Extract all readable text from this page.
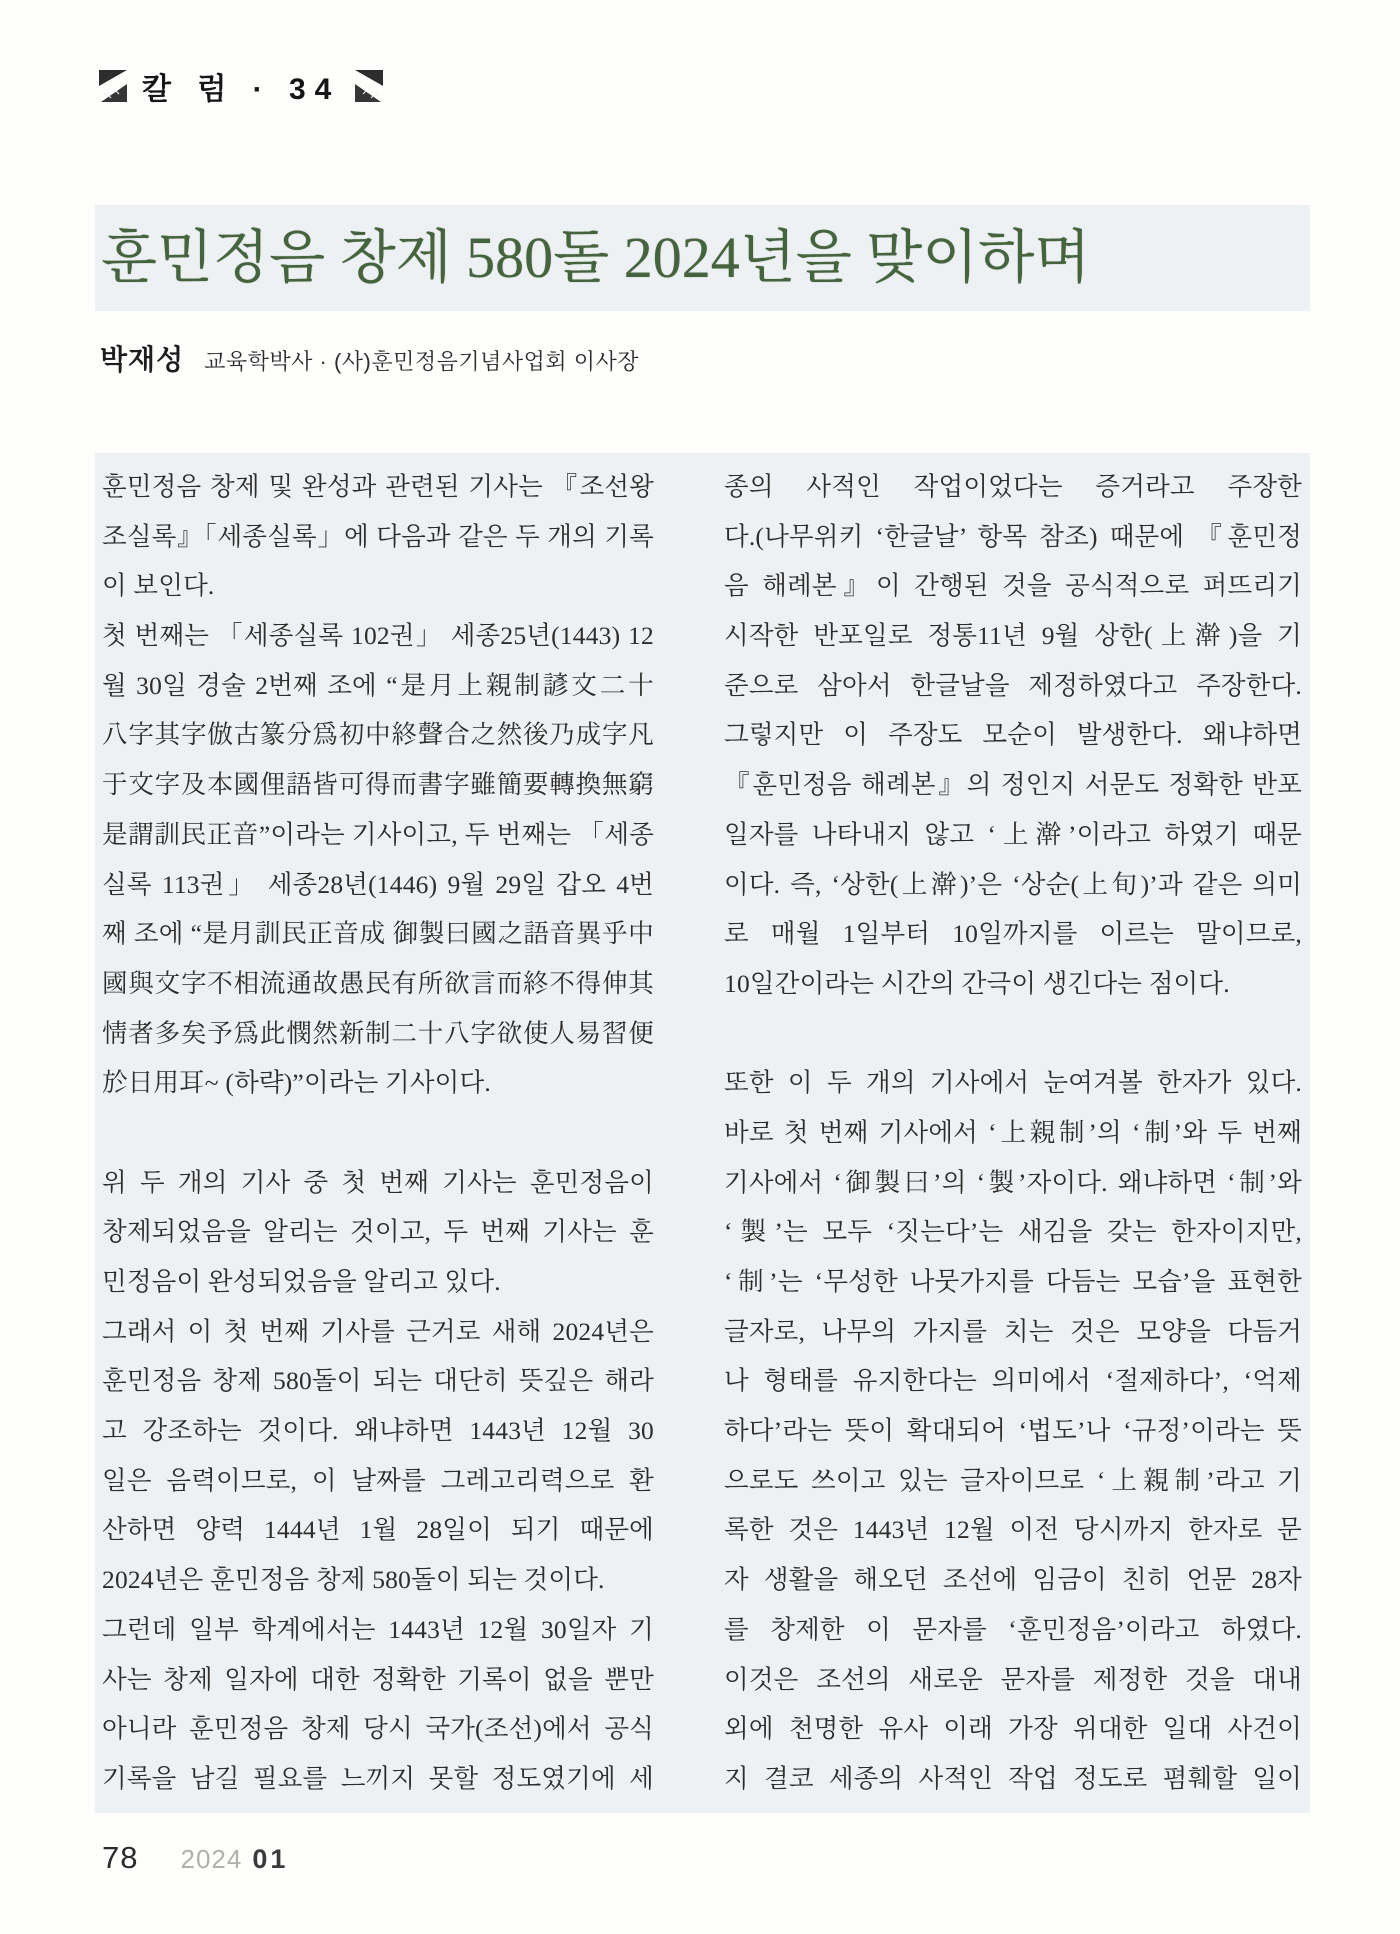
칼 럼 · 34
훈민정음 창제 580돌 2024년을 맞이하며
박재성 교육학박사 · (사)훈민정음기념사업회 이사장
훈민정음 창제 및 완성과 관련된 기사는 『조선왕
조실록』「세종실록」에 다음과 같은 두 개의 기록
이 보인다.
첫 번째는 「세종실록 102권」 세종25년(1443) 12
월 30일 경술 2번째 조에 “是月上親制諺文二十
八字其字倣古篆分爲初中終聲合之然後乃成字凡
于文字及本國俚語皆可得而書字雖簡要轉換無窮
是謂訓民正音”이라는 기사이고, 두 번째는 「세종
실록 113권」 세종28년(1446) 9월 29일 갑오 4번
째 조에 “是月訓民正音成 御製曰國之語音異乎中
國與文字不相流通故愚民有所欲言而終不得伸其
情者多矣予爲此憫然新制二十八字欲使人易習便
於日用耳~ (하략)”이라는 기사이다.

위 두 개의 기사 중 첫 번째 기사는 훈민정음이
창제되었음을 알리는 것이고, 두 번째 기사는 훈
민정음이 완성되었음을 알리고 있다.
그래서 이 첫 번째 기사를 근거로 새해 2024년은
훈민정음 창제 580돌이 되는 대단히 뜻깊은 해라
고 강조하는 것이다. 왜냐하면 1443년 12월 30
일은 음력이므로, 이 날짜를 그레고리력으로 환
산하면 양력 1444년 1월 28일이 되기 때문에
2024년은 훈민정음 창제 580돌이 되는 것이다.
그런데 일부 학계에서는 1443년 12월 30일자 기
사는 창제 일자에 대한 정확한 기록이 없을 뿐만
아니라 훈민정음 창제 당시 국가(조선)에서 공식
기록을 남길 필요를 느끼지 못할 정도였기에 세
종의 사적인 작업이었다는 증거라고 주장한
다.(나무위키 ‘한글날’ 항목 참조) 때문에 『훈민정
음 해례본』이 간행된 것을 공식적으로 퍼뜨리기
시작한 반포일로 정통11년 9월 상한(上澣)을 기
준으로 삼아서 한글날을 제정하였다고 주장한다.
그렇지만 이 주장도 모순이 발생한다. 왜냐하면
『훈민정음 해례본』의 정인지 서문도 정확한 반포
일자를 나타내지 않고 ‘上澣’이라고 하였기 때문
이다. 즉, ‘상한(上澣)’은 ‘상순(上旬)’과 같은 의미
로 매월 1일부터 10일까지를 이르는 말이므로,
10일간이라는 시간의 간극이 생긴다는 점이다.

또한 이 두 개의 기사에서 눈여겨볼 한자가 있다.
바로 첫 번째 기사에서 ‘上親制’의 ‘制’와 두 번째
기사에서 ‘御製曰’의 ‘製’자이다. 왜냐하면 ‘制’와
‘製’는 모두 ‘짓는다’는 새김을 갖는 한자이지만,
‘制’는 ‘무성한 나뭇가지를 다듬는 모습’을 표현한
글자로, 나무의 가지를 치는 것은 모양을 다듬거
나 형태를 유지한다는 의미에서 ‘절제하다’, ‘억제
하다’라는 뜻이 확대되어 ‘법도’나 ‘규정’이라는 뜻
으로도 쓰이고 있는 글자이므로 ‘上親制’라고 기
록한 것은 1443년 12월 이전 당시까지 한자로 문
자 생활을 해오던 조선에 임금이 친히 언문 28자
를 창제한 이 문자를 ‘훈민정음’이라고 하였다.
이것은 조선의 새로운 문자를 제정한 것을 대내
외에 천명한 유사 이래 가장 위대한 일대 사건이
지 결코 세종의 사적인 작업 정도로 폄훼할 일이
78 2024 01
